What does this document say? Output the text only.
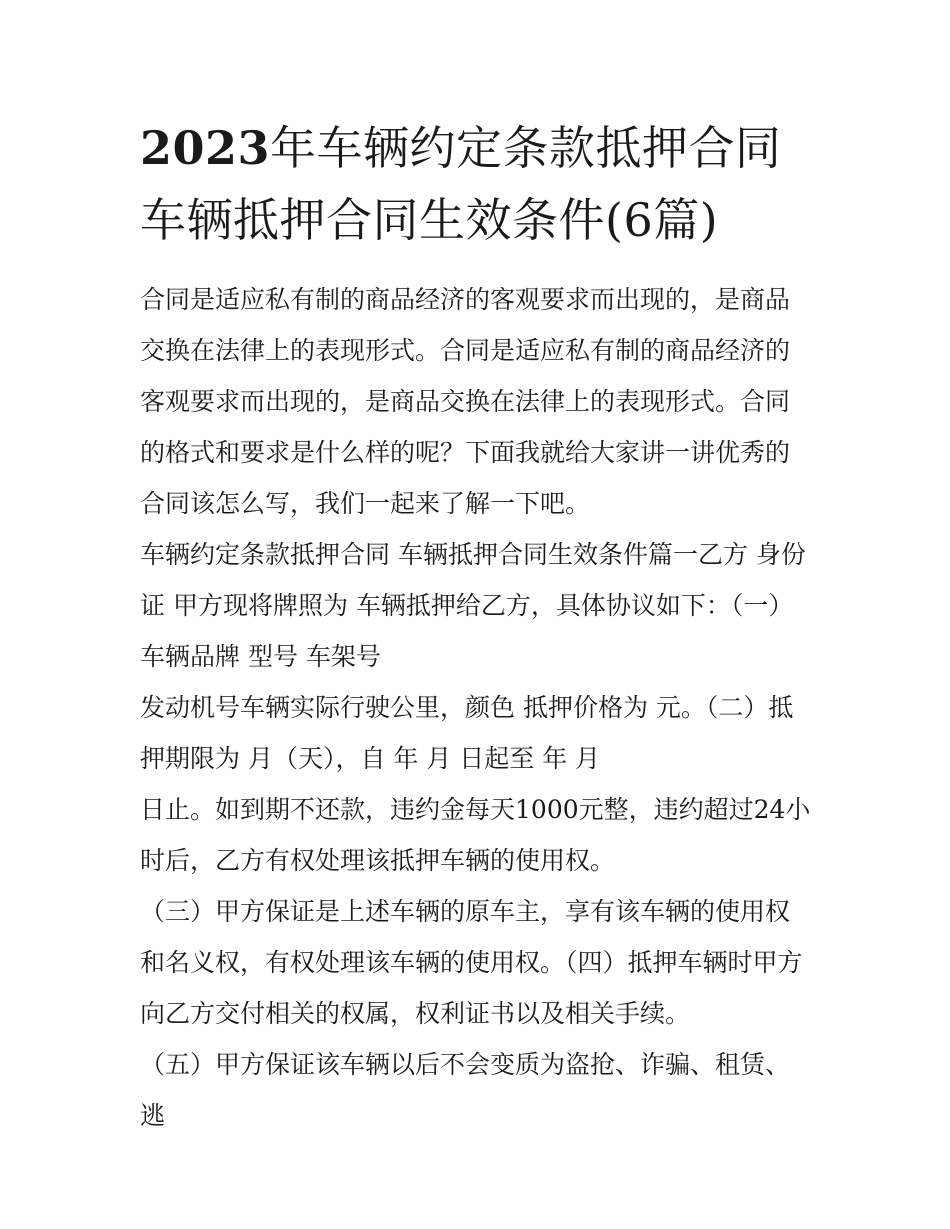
2023年车辆约定条款抵押合同车辆抵押合同生效条件(6篇)

合同是适应私有制的商品经济的客观要求而出现的，是商品交换在法律上的表现形式。合同是适应私有制的商品经济的客观要求而出现的，是商品交换在法律上的表现形式。合同的格式和要求是什么样的呢？下面我就给大家讲一讲优秀的合同该怎么写，我们一起来了解一下吧。

车辆约定条款抵押合同 车辆抵押合同生效条件篇一乙方 身份证 甲方现将牌照为 车辆抵押给乙方，具体协议如下：（一）车辆品牌 型号 车架号

发动机号车辆实际行驶公里，颜色 抵押价格为 元。（二）抵押期限为 月（天），自 年 月 日起至 年 月

日止。如到期不还款，违约金每天1000元整，违约超过24小时后，乙方有权处理该抵押车辆的使用权。

（三）甲方保证是上述车辆的原车主，享有该车辆的使用权和名义权，有权处理该车辆的使用权。（四）抵押车辆时甲方向乙方交付相关的权属，权利证书以及相关手续。

（五）甲方保证该车辆以后不会变质为盗抢、诈骗、租赁、逃
